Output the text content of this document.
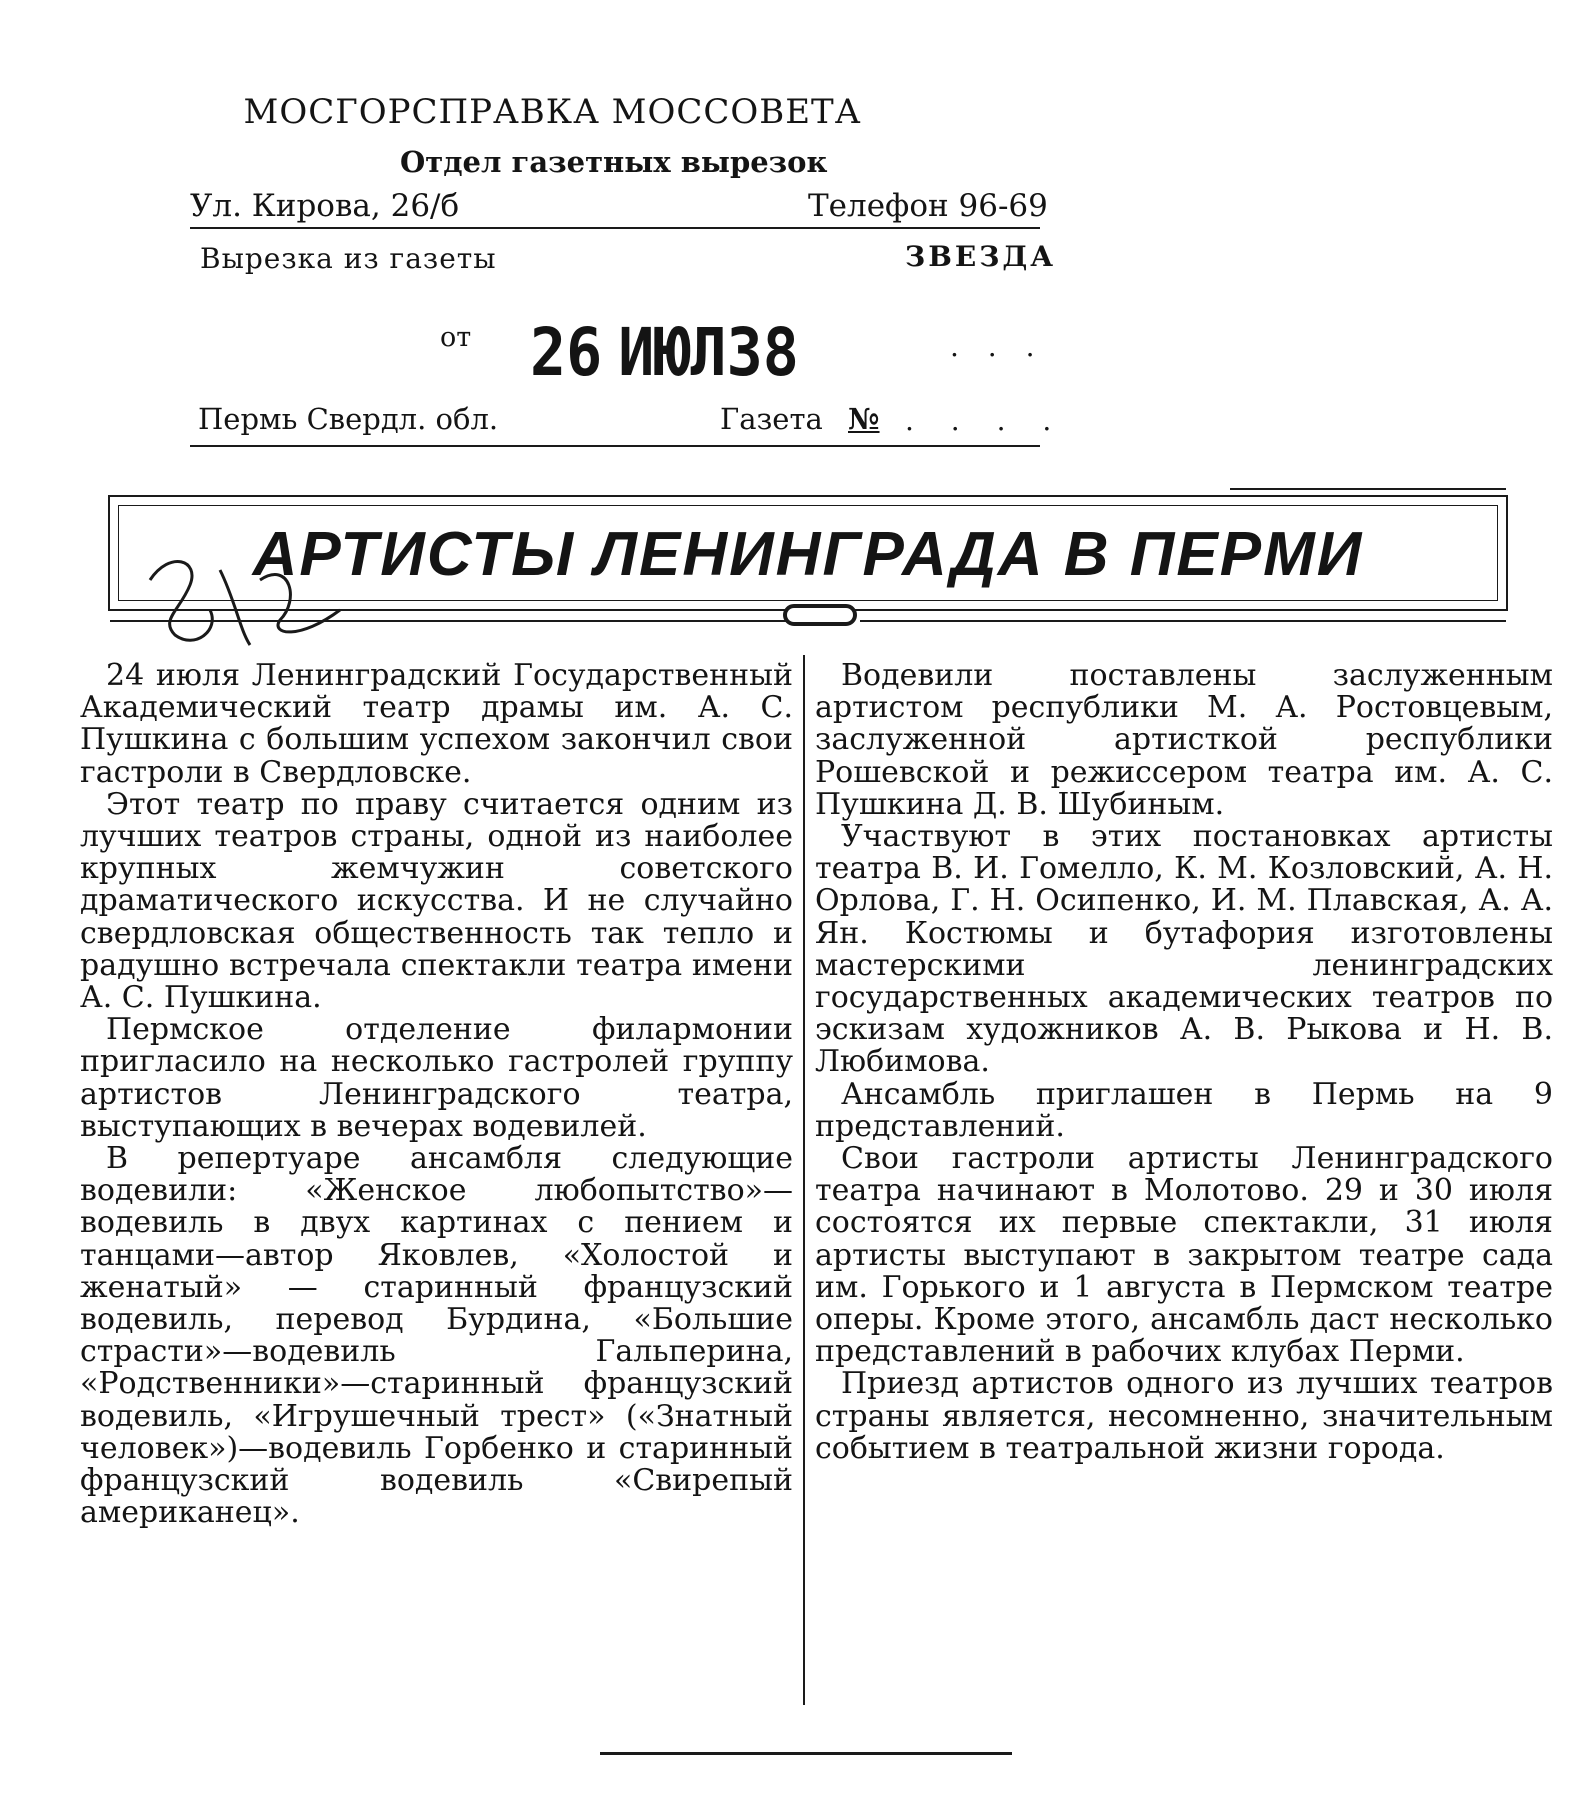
МОСГОРСПРАВКА МОССОВЕТА
Отдел газетных вырезок
Ул. Кирова, 26/б	Телефон 96-69
Вырезка из газеты	ЗВЕЗДА
от 26 ИЮЛ38	. . .
Пермь Свердл. обл.	Газета № . . . .
АРТИСТЫ ЛЕНИНГРАДА В ПЕРМИ

24 июля Ленинградский Государственный Академический театр драмы им. А. С. Пушкина с большим успехом закончил свои гастроли в Свердловске.

Этот театр по праву считается одним из лучших театров страны, одной из наиболее крупных жемчужин советского драматического искусства. И не случайно свердловская общественность так тепло и радушно встречала спектакли театра имени А. С. Пушкина.

Пермское отделение филармонии пригласило на несколько гастролей группу артистов Ленинградского театра, выступающих в вечерах водевилей.

В репертуаре ансамбля следующие водевили: «Женское любопытство»— водевиль в двух картинах с пением и танцами—автор Яковлев, «Холостой и женатый» — старинный французский водевиль, перевод Бурдина, «Большие страсти»—водевиль Гальперина, «Родственники»—старинный французский водевиль, «Игрушечный трест» («Знатный человек»)—водевиль Горбенко и старинный французский водевиль «Свирепый американец».

Водевили поставлены заслуженным артистом республики М. А. Ростовцевым, заслуженной артисткой республики Рошевской и режиссером театра им. А. С. Пушкина Д. В. Шубиным.

Участвуют в этих постановках артисты театра В. И. Гомелло, К. М. Козловский, А. Н. Орлова, Г. Н. Осипенко, И. М. Плавская, А. А. Ян. Костюмы и бутафория изготовлены мастерскими ленинградских государственных академических театров по эскизам художников А. В. Рыкова и Н. В. Любимова.

Ансамбль приглашен в Пермь на 9 представлений.

Свои гастроли артисты Ленинградского театра начинают в Молотово. 29 и 30 июля состоятся их первые спектакли, 31 июля артисты выступают в закрытом театре сада им. Горького и 1 августа в Пермском театре оперы. Кроме этого, ансамбль даст несколько представлений в рабочих клубах Перми.

Приезд артистов одного из лучших театров страны является, несомненно, значительным событием в театральной жизни города.
